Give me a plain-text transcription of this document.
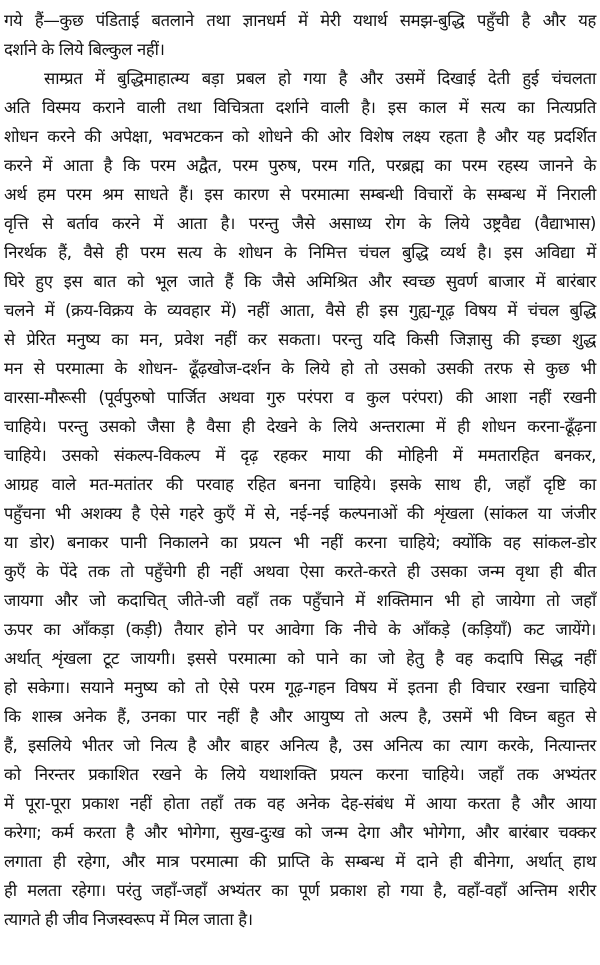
गये हैं—कुछ पंडिताई बतलाने तथा ज्ञानधर्म में मेरी यथार्थ समझ-बुद्धि पहुँची है और यह
दर्शाने के लिये बिल्कुल नहीं।
साम्प्रत में बुद्धिमाहात्म्य बड़ा प्रबल हो गया है और उसमें दिखाई देती हुई चंचलता
अति विस्मय कराने वाली तथा विचित्रता दर्शाने वाली है। इस काल में सत्य का नित्यप्रति
शोधन करने की अपेक्षा, भवभटकन को शोधने की ओर विशेष लक्ष्य रहता है और यह प्रदर्शित
करने में आता है कि परम अद्वैत, परम पुरुष, परम गति, परब्रह्म का परम रहस्य जानने के
अर्थ हम परम श्रम साधते हैं। इस कारण से परमात्मा सम्बन्धी विचारों के सम्बन्ध में निराली
वृत्ति से बर्ताव करने में आता है। परन्तु जैसे असाध्य रोग के लिये उष्ट्रवैद्य (वैद्याभास)
निरर्थक हैं, वैसे ही परम सत्य के शोधन के निमित्त चंचल बुद्धि व्यर्थ है। इस अविद्या में
घिरे हुए इस बात को भूल जाते हैं कि जैसे अमिश्रित और स्वच्छ सुवर्ण बाजार में बारंबार
चलने में (क्रय-विक्रय के व्यवहार में) नहीं आता, वैसे ही इस गुह्य-गूढ़ विषय में चंचल बुद्धि
से प्रेरित मनुष्य का मन, प्रवेश नहीं कर सकता। परन्तु यदि किसी जिज्ञासु की इच्छा शुद्ध
मन से परमात्मा के शोधन- ढूँढ़खोज-दर्शन के लिये हो तो उसको उसकी तरफ से कुछ भी
वारसा-मौरूसी (पूर्वपुरुषो पार्जित अथवा गुरु परंपरा व कुल परंपरा) की आशा नहीं रखनी
चाहिये। परन्तु उसको जैसा है वैसा ही देखने के लिये अन्तरात्मा में ही शोधन करना-ढूँढ़ना
चाहिये। उसको संकल्प-विकल्प में दृढ़ रहकर माया की मोहिनी में ममतारहित बनकर,
आग्रह वाले मत-मतांतर की परवाह रहित बनना चाहिये। इसके साथ ही, जहाँ दृष्टि का
पहुँचना भी अशक्य है ऐसे गहरे कुएँ में से, नई-नई कल्पनाओं की शृंखला (सांकल या जंजीर
या डोर) बनाकर पानी निकालने का प्रयत्न भी नहीं करना चाहिये; क्योंकि वह सांकल-डोर
कुएँ के पेंदे तक तो पहुँचेगी ही नहीं अथवा ऐसा करते-करते ही उसका जन्म वृथा ही बीत
जायगा और जो कदाचित् जीते-जी वहाँ तक पहुँचाने में शक्तिमान भी हो जायेगा तो जहाँ
ऊपर का आँकड़ा (कड़ी) तैयार होने पर आवेगा कि नीचे के आँकड़े (कड़ियाँ) कट जायेंगे।
अर्थात् शृंखला टूट जायगी। इससे परमात्मा को पाने का जो हेतु है वह कदापि सिद्ध नहीं
हो सकेगा। सयाने मनुष्य को तो ऐसे परम गूढ़-गहन विषय में इतना ही विचार रखना चाहिये
कि शास्त्र अनेक हैं, उनका पार नहीं है और आयुष्य तो अल्प है, उसमें भी विघ्न बहुत से
हैं, इसलिये भीतर जो नित्य है और बाहर अनित्य है, उस अनित्य का त्याग करके, नित्यान्तर
को निरन्तर प्रकाशित रखने के लिये यथाशक्ति प्रयत्न करना चाहिये। जहाँ तक अभ्यंतर
में पूरा-पूरा प्रकाश नहीं होता तहाँ तक वह अनेक देह-संबंध में आया करता है और आया
करेगा; कर्म करता है और भोगेगा, सुख-दुःख को जन्म देगा और भोगेगा, और बारंबार चक्कर
लगाता ही रहेगा, और मात्र परमात्मा की प्राप्ति के सम्बन्ध में दाने ही बीनेगा, अर्थात् हाथ
ही मलता रहेगा। परंतु जहाँ-जहाँ अभ्यंतर का पूर्ण प्रकाश हो गया है, वहाँ-वहाँ अन्तिम शरीर
त्यागते ही जीव निजस्वरूप में मिल जाता है।
